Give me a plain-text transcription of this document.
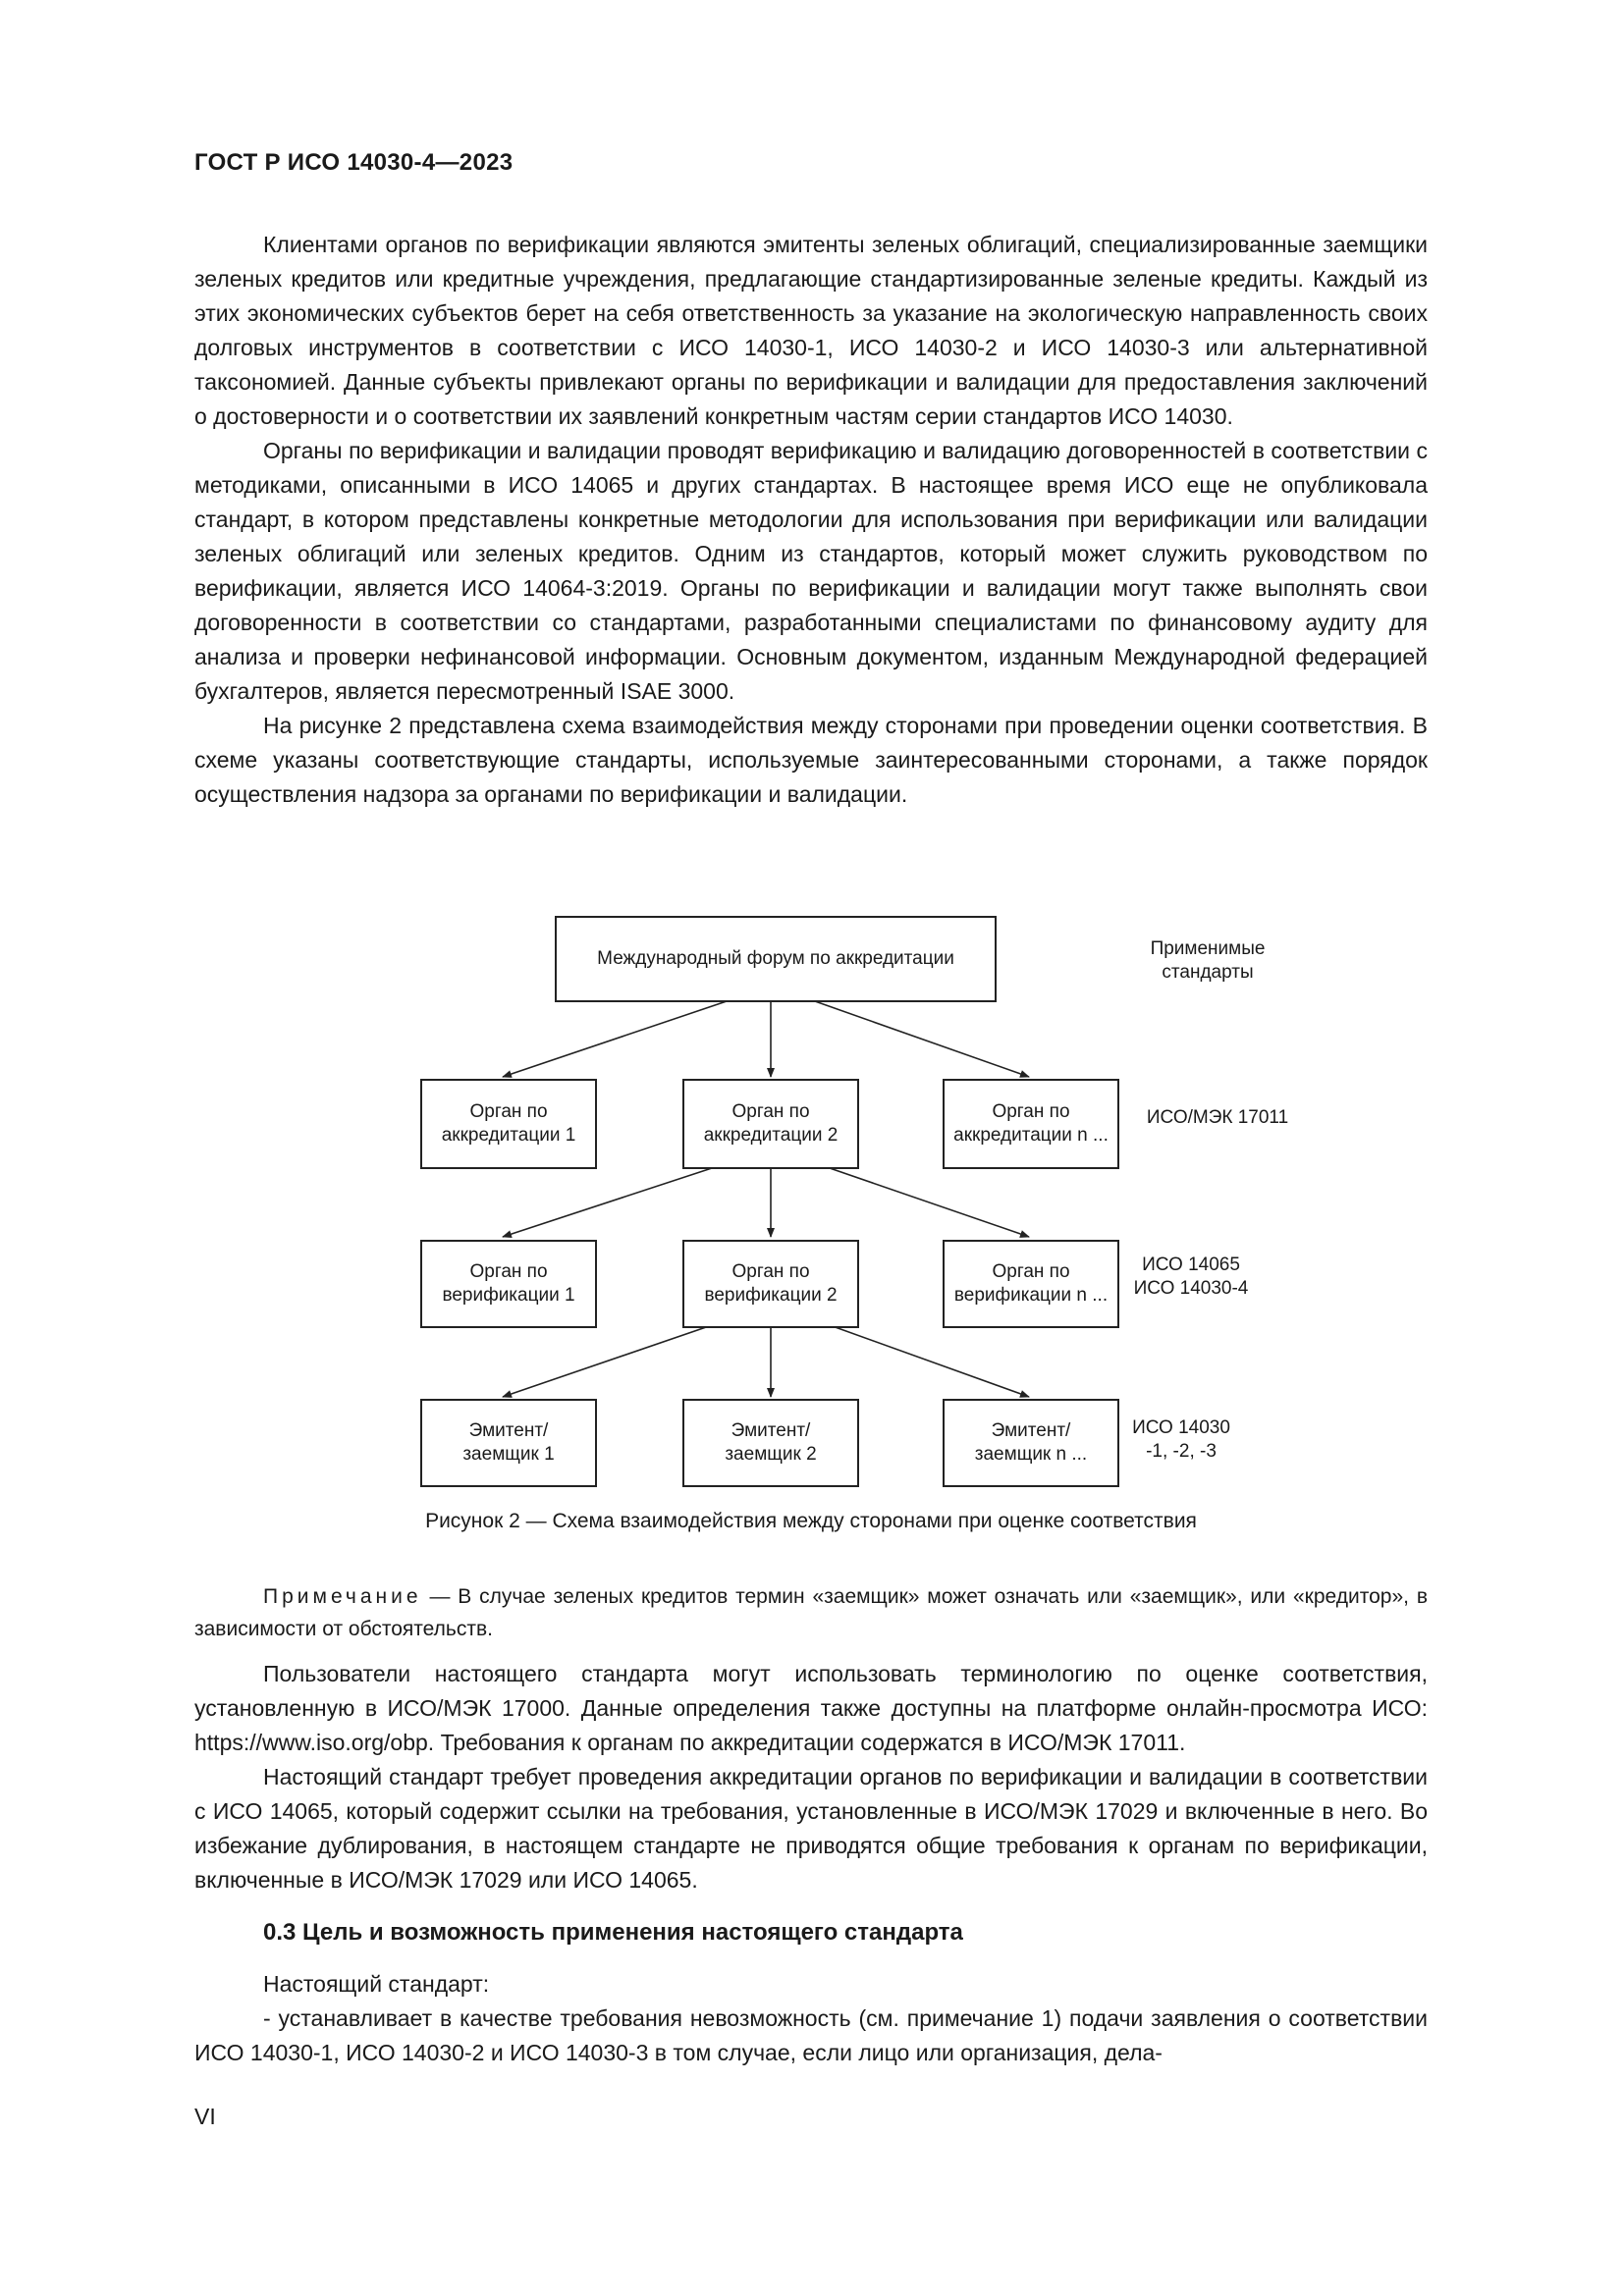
ГОСТ Р ИСО 14030-4—2023

Клиентами органов по верификации являются эмитенты зеленых облигаций, специализированные заемщики зеленых кредитов или кредитные учреждения, предлагающие стандартизированные зеленые кредиты. Каждый из этих экономических субъектов берет на себя ответственность за указание на экологическую направленность своих долговых инструментов в соответствии с ИСО 14030-1, ИСО 14030-2 и ИСО 14030-3 или альтернативной таксономией. Данные субъекты привлекают органы по верификации и валидации для предоставления заключений о достоверности и о соответствии их заявлений конкретным частям серии стандартов ИСО 14030.

Органы по верификации и валидации проводят верификацию и валидацию договоренностей в соответствии с методиками, описанными в ИСО 14065 и других стандартах. В настоящее время ИСО еще не опубликовала стандарт, в котором представлены конкретные методологии для использования при верификации или валидации зеленых облигаций или зеленых кредитов. Одним из стандартов, который может служить руководством по верификации, является ИСО 14064-3:2019. Органы по верификации и валидации могут также выполнять свои договоренности в соответствии со стандартами, разработанными специалистами по финансовому аудиту для анализа и проверки нефинансовой информации. Основным документом, изданным Международной федерацией бухгалтеров, является пересмотренный ISAE 3000.

На рисунке 2 представлена схема взаимодействия между сторонами при проведении оценки соответствия. В схеме указаны соответствующие стандарты, используемые заинтересованными сторонами, а также порядок осуществления надзора за органами по верификации и валидации.

Международный форум по аккредитации	Применимые
стандарты
Орган по
аккредитации 1
Орган по
аккредитации 2
Орган по
аккредитации n ...
ИСО/МЭК 17011
Орган по
верификации 1
Орган по
верификации 2
Орган по
верификации n ...
ИСО 14065
ИСО 14030-4
Эмитент/
заемщик 1
Эмитент/
заемщик 2
Эмитент/
заемщик n ...
ИСО 14030
-1, -2, -3
Рисунок 2 — Схема взаимодействия между сторонами при оценке соответствия
Примечание — В случае зеленых кредитов термин «заемщик» может означать или «заемщик», или «кредитор», в зависимости от обстоятельств.

Пользователи настоящего стандарта могут использовать терминологию по оценке соответствия, установленную в ИСО/МЭК 17000. Данные определения также доступны на платформе онлайн-просмотра ИСО: https://www.iso.org/obp. Требования к органам по аккредитации содержатся в ИСО/МЭК 17011.

Настоящий стандарт требует проведения аккредитации органов по верификации и валидации в соответствии с ИСО 14065, который содержит ссылки на требования, установленные в ИСО/МЭК 17029 и включенные в него. Во избежание дублирования, в настоящем стандарте не приводятся общие требования к органам по верификации, включенные в ИСО/МЭК 17029 или ИСО 14065.

0.3 Цель и возможность применения настоящего стандарта

Настоящий стандарт:

- устанавливает в качестве требования невозможность (см. примечание 1) подачи заявления о соответствии ИСО 14030-1, ИСО 14030-2 и ИСО 14030-3 в том случае, если лицо или организация, дела-

VI
